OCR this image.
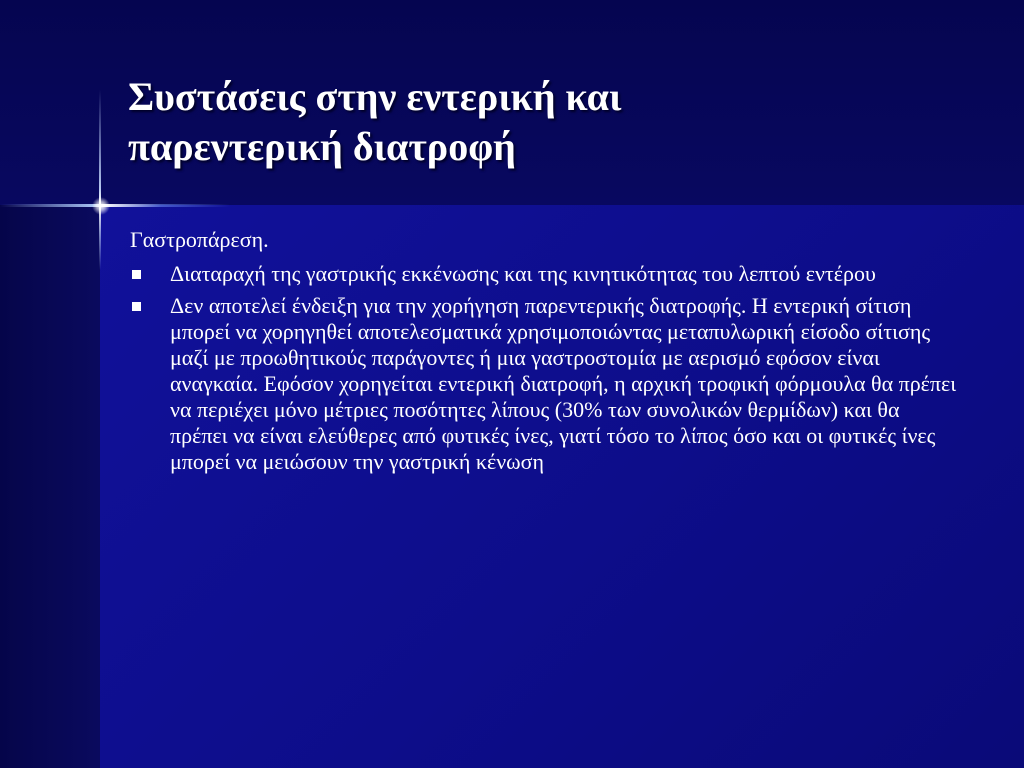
Συστάσεις στην εντερική και
παρεντερική διατροφή

Γαστροπάρεση.

Διαταραχή της γαστρικής εκκένωσης και της κινητικότητας του λεπτού εντέρου
Δεν αποτελεί ένδειξη για την χορήγηση παρεντερικής διατροφής. Η εντερική σίτιση μπορεί να χορηγηθεί αποτελεσματικά χρησιμοποιώντας μεταπυλωρική είσοδο σίτισης μαζί με προωθητικούς παράγοντες ή μια γαστροστομία με αερισμό εφόσον είναι αναγκαία. Εφόσον χορηγείται εντερική διατροφή, η αρχική τροφική φόρμουλα θα πρέπει να περιέχει μόνο μέτριες ποσότητες λίπους (30% των συνολικών θερμίδων) και θα πρέπει να είναι ελεύθερες από φυτικές ίνες, γιατί τόσο το λίπος όσο και οι φυτικές ίνες μπορεί να μειώσουν την γαστρική κένωση
